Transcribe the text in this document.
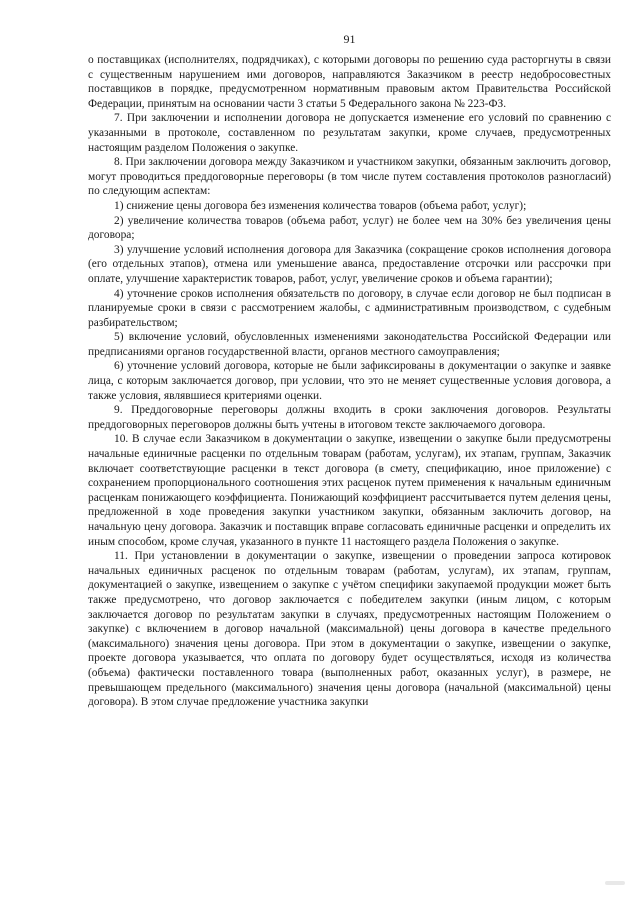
91

о поставщиках (исполнителях, подрядчиках), с которыми договоры по решению суда расторгнуты в связи с существенным нарушением ими договоров, направляются Заказчиком в реестр недобросовестных поставщиков в порядке, предусмотренном нормативным правовым актом Правительства Российской Федерации, принятым на основании части 3 статьи 5 Федерального закона № 223-ФЗ.

7. При заключении и исполнении договора не допускается изменение его условий по сравнению с указанными в протоколе, составленном по результатам закупки, кроме случаев, предусмотренных настоящим разделом Положения о закупке.

8. При заключении договора между Заказчиком и участником закупки, обязанным заключить договор, могут проводиться преддоговорные переговоры (в том числе путем составления протоколов разногласий) по следующим аспектам:

1) снижение цены договора без изменения количества товаров (объема работ, услуг);

2) увеличение количества товаров (объема работ, услуг) не более чем на 30% без увеличения цены договора;

3) улучшение условий исполнения договора для Заказчика (сокращение сроков исполнения договора (его отдельных этапов), отмена или уменьшение аванса, предоставление отсрочки или рассрочки при оплате, улучшение характеристик товаров, работ, услуг, увеличение сроков и объема гарантии);

4) уточнение сроков исполнения обязательств по договору, в случае если договор не был подписан в планируемые сроки в связи с рассмотрением жалобы, с административным производством, с судебным разбирательством;

5) включение условий, обусловленных изменениями законодательства Российской Федерации или предписаниями органов государственной власти, органов местного самоуправления;

6) уточнение условий договора, которые не были зафиксированы в документации о закупке и заявке лица, с которым заключается договор, при условии, что это не меняет существенные условия договора, а также условия, являвшиеся критериями оценки.

9. Преддоговорные переговоры должны входить в сроки заключения договоров. Результаты преддоговорных переговоров должны быть учтены в итоговом тексте заключаемого договора.

10. В случае если Заказчиком в документации о закупке, извещении о закупке были предусмотрены начальные единичные расценки по отдельным товарам (работам, услугам), их этапам, группам, Заказчик включает соответствующие расценки в текст договора (в смету, спецификацию, иное приложение) с сохранением пропорционального соотношения этих расценок путем применения к начальным единичным расценкам понижающего коэффициента. Понижающий коэффициент рассчитывается путем деления цены, предложенной в ходе проведения закупки участником закупки, обязанным заключить договор, на начальную цену договора. Заказчик и поставщик вправе согласовать единичные расценки и определить их иным способом, кроме случая, указанного в пункте 11 настоящего раздела Положения о закупке.

11. При установлении в документации о закупке, извещении о проведении запроса котировок начальных единичных расценок по отдельным товарам (работам, услугам), их этапам, группам, документацией о закупке, извещением о закупке с учётом специфики закупаемой продукции может быть также предусмотрено, что договор заключается с победителем закупки (иным лицом, с которым заключается договор по результатам закупки в случаях, предусмотренных настоящим Положением о закупке) с включением в договор начальной (максимальной) цены договора в качестве предельного (максимального) значения цены договора. При этом в документации о закупке, извещении о закупке, проекте договора указывается, что оплата по договору будет осуществляться, исходя из количества (объема) фактически поставленного товара (выполненных работ, оказанных услуг), в размере, не превышающем предельного (максимального) значения цены договора (начальной (максимальной) цены договора). В этом случае предложение участника закупки
